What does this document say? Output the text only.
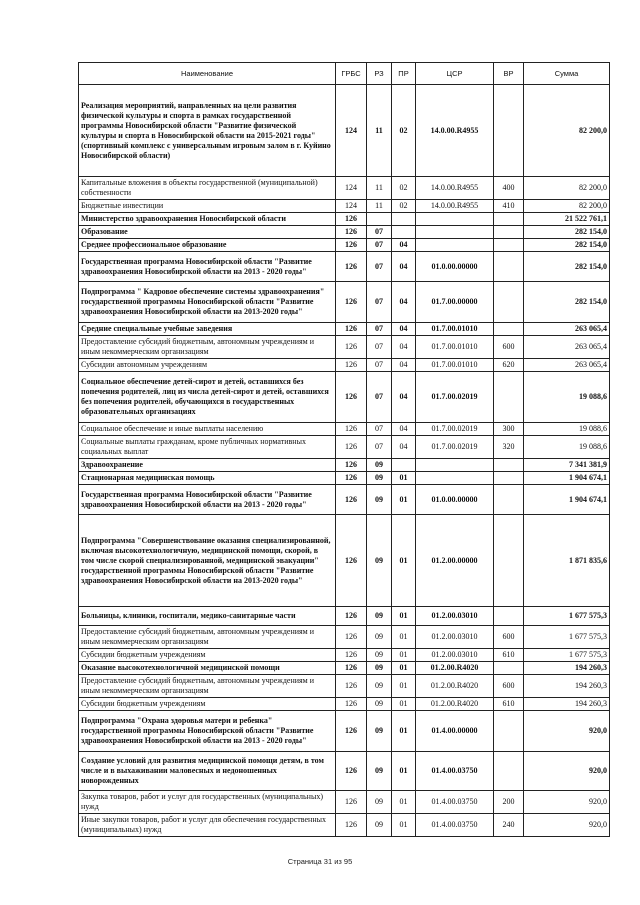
Наименование	ГРБС	РЗ	ПР	ЦСР	ВР	Сумма
Реализация мероприятий, направленных на цели развития физической культуры и спорта в рамках государственной программы Новосибирской области "Развитие физической культуры и спорта в Новосибирской области на 2015-2021 годы" (спортивный комплекс с универсальным игровым залом в г. Куйино Новосибирской области)	124	11	02	14.0.00.R4955		82 200,0
Капитальные вложения в объекты государственной (муниципальной) собственности	124	11	02	14.0.00.R4955	400	82 200,0
Бюджетные инвестиции	124	11	02	14.0.00.R4955	410	82 200,0
Министерство здравоохранения Новосибирской области	126					21 522 761,1
Образование	126	07				282 154,0
Среднее профессиональное образование	126	07	04			282 154,0
Государственная программа Новосибирской области "Развитие здравоохранения Новосибирской области на 2013 - 2020 годы"	126	07	04	01.0.00.00000		282 154,0
Подпрограмма " Кадровое обеспечение системы здравоохранения" государственной программы Новосибирской области "Развитие здравоохранения Новосибирской области на 2013-2020 годы"	126	07	04	01.7.00.00000		282 154,0
Средние специальные учебные заведения	126	07	04	01.7.00.01010		263 065,4
Предоставление субсидий бюджетным, автономным учреждениям и иным некоммерческим организациям	126	07	04	01.7.00.01010	600	263 065,4
Субсидии автономным учреждениям	126	07	04	01.7.00.01010	620	263 065,4
Социальное обеспечение детей-сирот и детей, оставшихся без попечения родителей, лиц из числа детей-сирот и детей, оставшихся без попечения родителей, обучающихся в государственных образовательных организациях	126	07	04	01.7.00.02019		19 088,6
Социальное обеспечение и иные выплаты населению	126	07	04	01.7.00.02019	300	19 088,6
Социальные выплаты гражданам, кроме публичных нормативных социальных выплат	126	07	04	01.7.00.02019	320	19 088,6
Здравоохранение	126	09				7 341 381,9
Стационарная медицинская помощь	126	09	01			1 904 674,1
Государственная программа Новосибирской области "Развитие здравоохранения Новосибирской области на 2013 - 2020 годы"	126	09	01	01.0.00.00000		1 904 674,1
Подпрограмма "Совершенствование оказания специализированной, включая высокотехнологичную, медицинской помощи, скорой, в том числе скорой специализированной, медицинской эвакуации" государственной программы Новосибирской области "Развитие здравоохранения Новосибирской области на 2013-2020 годы"	126	09	01	01.2.00.00000		1 871 835,6
Больницы, клиники, госпитали, медико-санитарные части	126	09	01	01.2.00.03010		1 677 575,3
Предоставление субсидий бюджетным, автономным учреждениям и иным некоммерческим организациям	126	09	01	01.2.00.03010	600	1 677 575,3
Субсидии бюджетным учреждениям	126	09	01	01.2.00.03010	610	1 677 575,3
Оказание высокотехнологичной медицинской помощи	126	09	01	01.2.00.R4020		194 260,3
Предоставление субсидий бюджетным, автономным учреждениям и иным некоммерческим организациям	126	09	01	01.2.00.R4020	600	194 260,3
Субсидии бюджетным учреждениям	126	09	01	01.2.00.R4020	610	194 260,3
Подпрограмма "Охрана здоровья матери и ребенка" государственной программы Новосибирской области "Развитие здравоохранения Новосибирской области на 2013 - 2020 годы"	126	09	01	01.4.00.00000		920,0
Создание условий для развития медицинской помощи детям, в том числе и в выхаживании маловесных и недоношенных новорожденных	126	09	01	01.4.00.03750		920,0
Закупка товаров, работ и услуг для государственных (муниципальных) нужд	126	09	01	01.4.00.03750	200	920,0
Иные закупки товаров, работ и услуг для обеспечения государственных (муниципальных) нужд	126	09	01	01.4.00.03750	240	920,0
Страница 31 из 95
